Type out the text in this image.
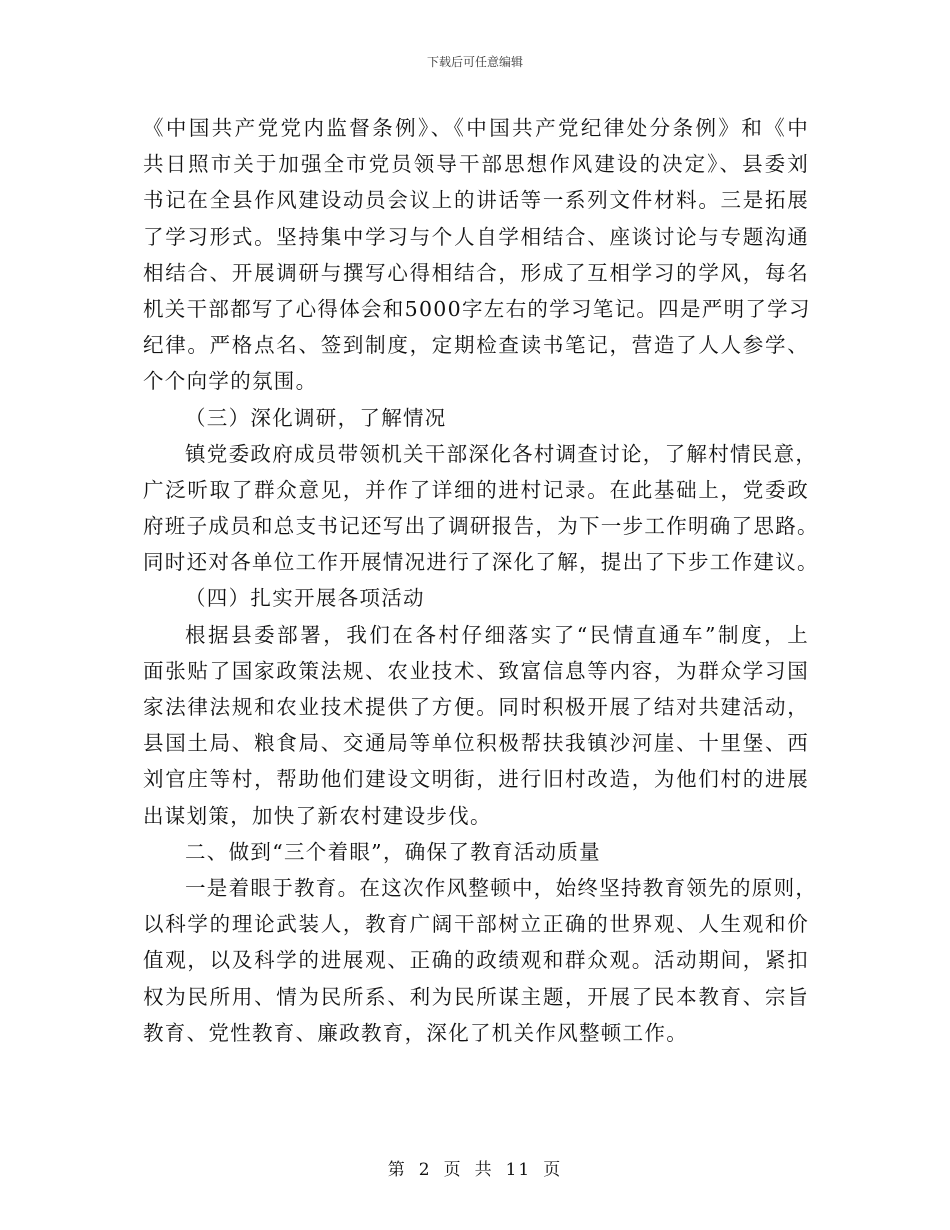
下载后可任意编辑
《中国共产党党内监督条例》、《中国共产党纪律处分条例》和《中
共日照市关于加强全市党员领导干部思想作风建设的决定》、县委刘
书记在全县作风建设动员会议上的讲话等一系列文件材料。三是拓展
了学习形式。坚持集中学习与个人自学相结合、座谈讨论与专题沟通
相结合、开展调研与撰写心得相结合，形成了互相学习的学风，每名
机关干部都写了心得体会和5000字左右的学习笔记。四是严明了学习
纪律。严格点名、签到制度，定期检查读书笔记，营造了人人参学、
个个向学的氛围。
（三）深化调研，了解情况
镇党委政府成员带领机关干部深化各村调查讨论，了解村情民意，
广泛听取了群众意见，并作了详细的进村记录。在此基础上，党委政
府班子成员和总支书记还写出了调研报告，为下一步工作明确了思路。
同时还对各单位工作开展情况进行了深化了解，提出了下步工作建议。
（四）扎实开展各项活动
根据县委部署，我们在各村仔细落实了“民情直通车”制度，上
面张贴了国家政策法规、农业技术、致富信息等内容，为群众学习国
家法律法规和农业技术提供了方便。同时积极开展了结对共建活动，
县国土局、粮食局、交通局等单位积极帮扶我镇沙河崖、十里堡、西
刘官庄等村，帮助他们建设文明街，进行旧村改造，为他们村的进展
出谋划策，加快了新农村建设步伐。
二、做到“三个着眼”，确保了教育活动质量
一是着眼于教育。在这次作风整顿中，始终坚持教育领先的原则，
以科学的理论武装人，教育广阔干部树立正确的世界观、人生观和价
值观，以及科学的进展观、正确的政绩观和群众观。活动期间，紧扣
权为民所用、情为民所系、利为民所谋主题，开展了民本教育、宗旨
教育、党性教育、廉政教育，深化了机关作风整顿工作。
第 2 页 共 11 页
